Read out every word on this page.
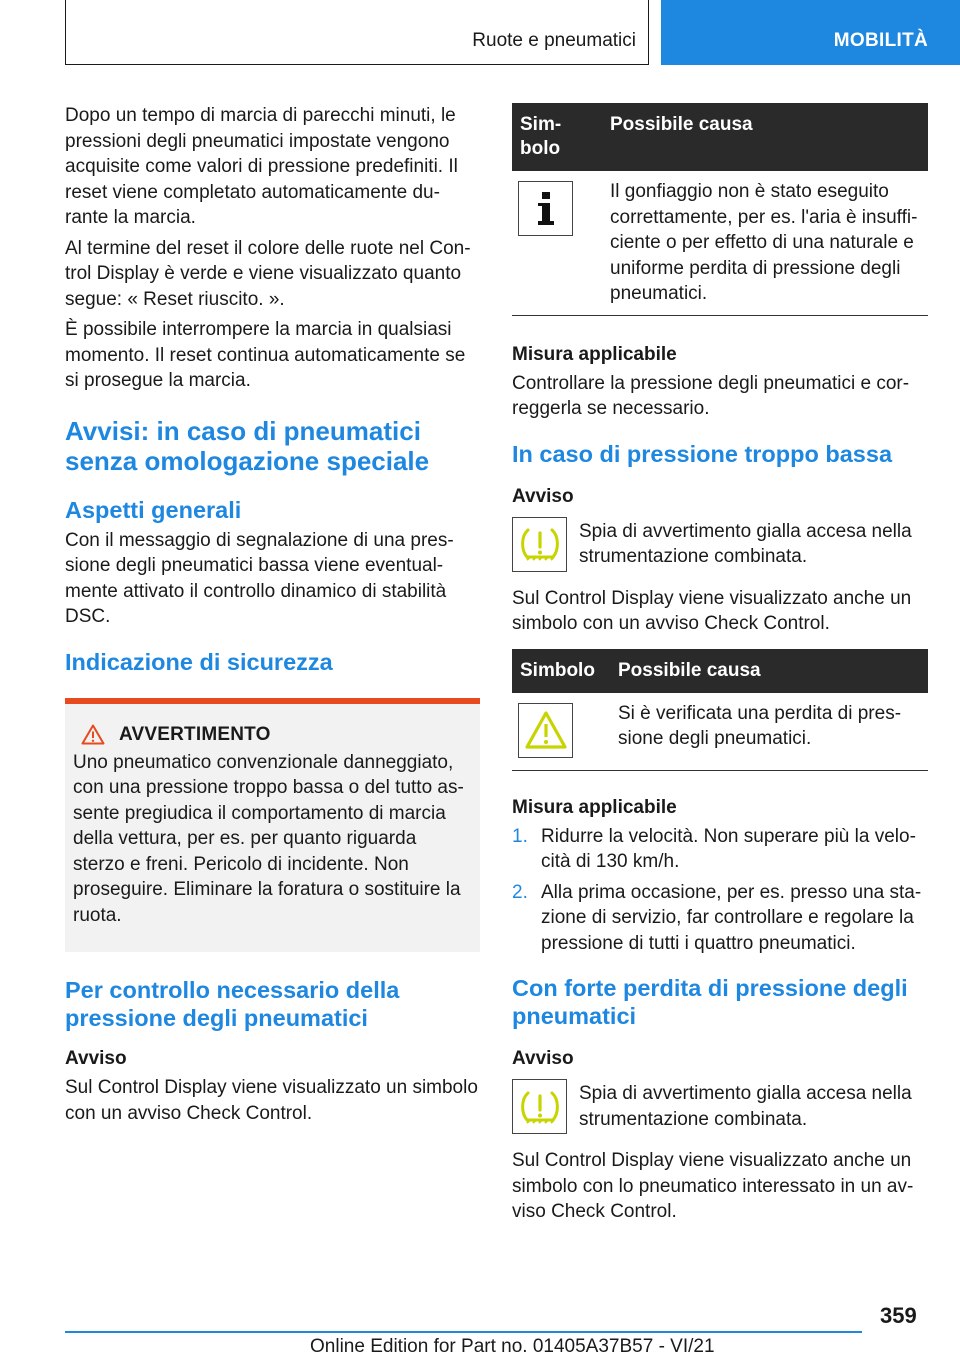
Ruote e pneumatici	MOBILITÀ

Dopo un tempo di marcia di parecchi minuti, le pressioni degli pneumatici impostate vengono acquisite come valori di pressione predefiniti. Il reset viene completato automaticamente du-rante la marcia.

Al termine del reset il colore delle ruote nel Con-trol Display è verde e viene visualizzato quanto segue: « Reset riuscito. ».

È possibile interrompere la marcia in qualsiasi momento. Il reset continua automaticamente se si prosegue la marcia.

Avvisi: in caso di pneumatici senza omologazione speciale
Aspetti generali

Con il messaggio di segnalazione di una pres-sione degli pneumatici bassa viene eventual-mente attivato il controllo dinamico di stabilità DSC.

Indicazione di sicurezza
AVVERTIMENTO

Uno pneumatico convenzionale danneggiato, con una pressione troppo bassa o del tutto as-sente pregiudica il comportamento di marcia della vettura, per es. per quanto riguarda sterzo e freni. Pericolo di incidente. Non proseguire. Eliminare la foratura o sostituire la ruota.

Per controllo necessario della pressione degli pneumatici
Avviso

Sul Control Display viene visualizzato un simbolo con un avviso Check Control.

Sim-bolo
Possibile causa
Il gonfiaggio non è stato eseguito correttamente, per es. l'aria è insuffi-ciente o per effetto di una naturale e uniforme perdita di pressione degli pneumatici.
Misura applicabile

Controllare la pressione degli pneumatici e cor-reggerla se necessario.

In caso di pressione troppo bassa
Avviso

Spia di avvertimento gialla accesa nella strumentazione combinata.

Sul Control Display viene visualizzato anche un simbolo con un avviso Check Control.

Simbolo	Possibile causa
Si è verificata una perdita di pres-sione degli pneumatici.
Misura applicabile
1. Ridurre la velocità. Non superare più la velo-cità di 130 km/h.
2. Alla prima occasione, per es. presso una sta-zione di servizio, far controllare e regolare la pressione di tutti i quattro pneumatici.
Con forte perdita di pressione degli pneumatici
Avviso

Spia di avvertimento gialla accesa nella strumentazione combinata.

Sul Control Display viene visualizzato anche un simbolo con lo pneumatico interessato in un av-viso Check Control.

359
Online Edition for Part no. 01405A37B57 - VI/21
